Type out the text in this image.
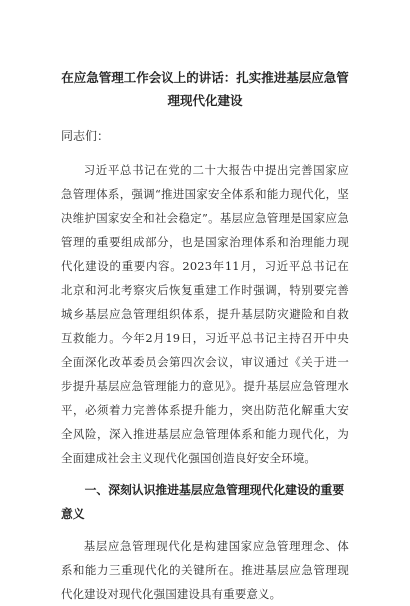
在应急管理工作会议上的讲话：扎实推进基层应急管理现代化建设
同志们：

习近平总书记在党的二十大报告中提出完善国家应急管理体系，强调“推进国家安全体系和能力现代化，坚决维护国家安全和社会稳定”。基层应急管理是国家应急管理的重要组成部分，也是国家治理体系和治理能力现代化建设的重要内容。2023年11月，习近平总书记在北京和河北考察灾后恢复重建工作时强调，特别要完善城乡基层应急管理组织体系，提升基层防灾避险和自救互救能力。今年2月19日，习近平总书记主持召开中央全面深化改革委员会第四次会议，审议通过《关于进一步提升基层应急管理能力的意见》。提升基层应急管理水平，必须着力完善体系提升能力，突出防范化解重大安全风险，深入推进基层应急管理体系和能力现代化，为全面建成社会主义现代化强国创造良好安全环境。

一、深刻认识推进基层应急管理现代化建设的重要意义

基层应急管理现代化是构建国家应急管理理念、体系和能力三重现代化的关键所在。推进基层应急管理现代化建设对现代化强国建设具有重要意义。
